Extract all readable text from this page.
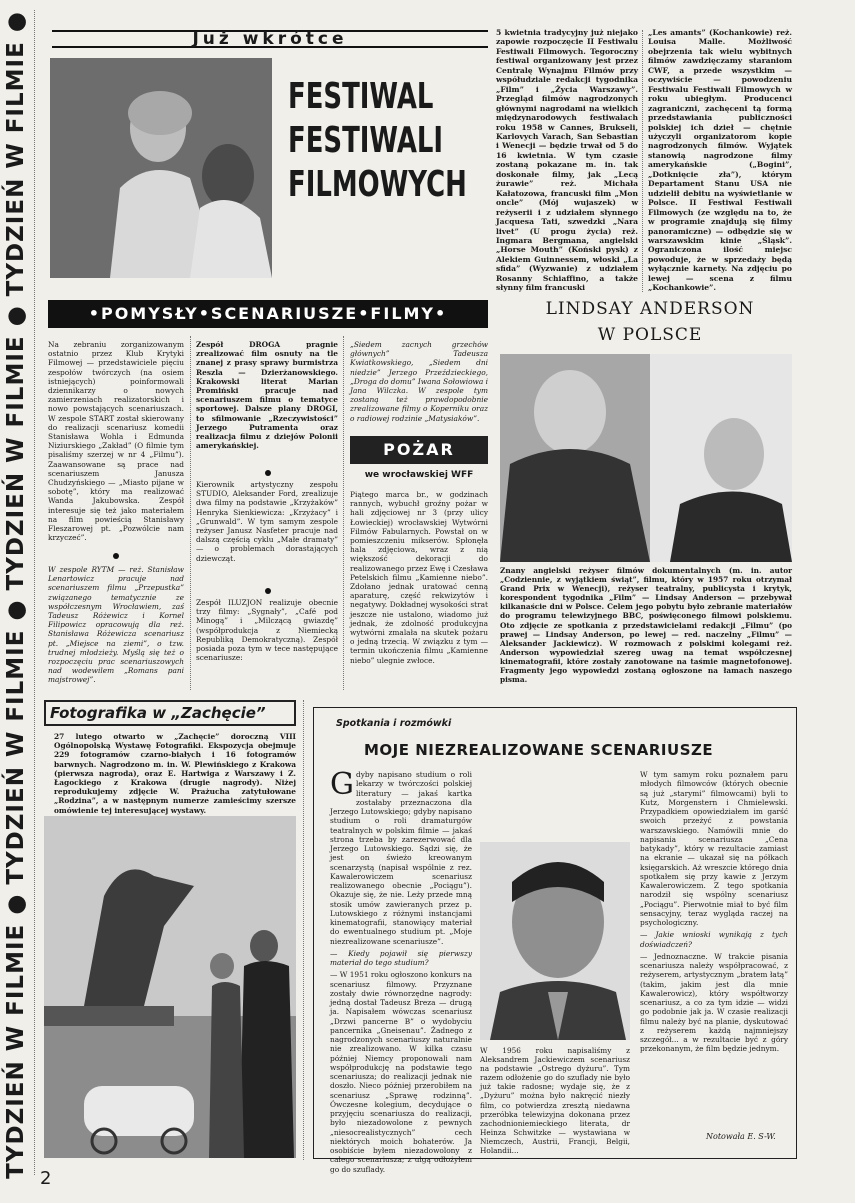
TYDZIEŃ W FILMIE ● TYDZIEŃ W FILMIE ● TYDZIEŃ W FILMIE ● TYDZIEŃ W FILMIE ●	Już wkrótce
FESTIWAL
FESTIWALI
FILMOWYCH
5 kwietnia tradycyjny już niejako zapowie rozpoczęcie II Festiwalu Festiwali Filmowych. Tegoroczny festiwal organizowany jest przez Centralę Wynajmu Filmów przy współudziale redakcji tygodnika „Film” i „Życia Warszawy”. Przegląd filmów nagrodzonych głównymi nagrodami na wielkich międzynarodowych festiwalach roku 1958 w Cannes, Brukseli, Karlovych Varach, San Sebastian i Wenecji — będzie trwał od 5 do 16 kwietnia. W tym czasie zostaną pokazane m. in. tak doskonałe filmy, jak „Lecą żurawie” reż. Michała Kałatozowa, francuski film „Mon oncle” (Mój wujaszek) w reżyserii i z udziałem słynnego Jacquesa Tati, szwedzki „Nara livet” (U progu życia) reż. Ingmara Bergmana, angielski „Horse Mouth” (Koński pysk) z Alekiem Guinnessem, włoski „La sfida” (Wyzwanie) z udziałem Rosanny Schiaffino, a także słynny film francuski
„Les amants” (Kochankowie) reż. Louisa Malle. Możliwość obejrzenia tak wielu wybitnych filmów zawdzięczamy staraniom CWF, a przede wszystkim — oczywiście — powodzeniu Festiwalu Festiwali Filmowych w roku ubiegłym. Producenci zagraniczni, zachęceni tą formą przedstawiania publiczności polskiej ich dzieł — chętnie użyczyli organizatorom kopie nagrodzonych filmów. Wyjątek stanowią nagrodzone filmy amerykańskie („Bogini”, „Dotknięcie zła”), którym Departament Stanu USA nie udzielił debitu na wyświetlanie w Polsce. II Festiwal Festiwali Filmowych (ze względu na to, że w programie znajdują się filmy panoramiczne) — odbędzie się w warszawskim kinie „Śląsk”. Ograniczona ilość miejsc powoduje, że w sprzedaży będą wyłącznie karnety. Na zdjęciu po lewej — scena z filmu „Kochankowie”.
•POMYSŁY•SCENARIUSZE•FILMY•
Na zebraniu zorganizowanym ostatnio przez Klub Krytyki Filmowej — przedstawiciele pięciu zespołów twórczych (na osiem istniejących) poinformowali dziennikarzy o nowych zamierzeniach realizatorskich i nowo powstających scenariuszach. W zespole START został skierowany do realizacji scenariusz komedii Stanisława Wohla i Edmunda Niziurskiego „Zakład” (O filmie tym pisaliśmy szerzej w nr 4 „Filmu”). Zaawansowane są prace nad scenariuszem Janusza Chudzyńskiego — „Miasto pijane w sobotę”, który ma realizować Wanda Jakubowska. Zespół interesuje się też jako materiałem na film powieścią Stanisławy Fleszarowej pt. „Pozwólcie nam krzyczeć”.
W zespole RYTM — reż. Stanisław Lenartowicz pracuje nad scenariuszem filmu „Przepustka” związanego tematycznie ze współczesnym Wrocławiem, zaś Tadeusz Różewicz i Kornel Filipowicz opracowują dla reż. Stanisława Różewicza scenariusz pt. „Miejsce na ziemi”, o tzw. trudnej młodzieży. Myślą się też o rozpoczęciu prac scenariuszowych nad wodewilem „Romans pani majstrowej”.
Zespół DROGA pragnie zrealizować film osnuty na tle znanej z prasy sprawy burmistrza Reszla — Dzierżanowskiego. Krakowski literat Marian Promiński pracuje nad scenariuszem filmu o tematyce sportowej. Dalsze plany DROGI, to sfilmowanie „Rzeczywistości” Jerzego Putramenta oraz realizacja filmu z dziejów Polonii amerykańskiej.
Kierownik artystyczny zespołu STUDIO, Aleksander Ford, zrealizuje dwa filmy na podstawie „Krzyżaków” Henryka Sienkiewicza: „Krzyżacy” i „Grunwald”. W tym samym zespole reżyser Janusz Nasfeter pracuje nad dalszą częścią cyklu „Małe dramaty” — o problemach dorastających dziewcząt.
Zespół ILUZJON realizuje obecnie trzy filmy: „Sygnały”, „Café pod Minogą” i „Milczącą gwiazdę” (współprodukcja z Niemiecką Republiką Demokratyczną). Zespół posiada poza tym w tece następujące scenariusze:
„Siedem zacnych grzechów głównych” Tadeusza Kwiatkowskiego, „Siedem dni niedzie” Jerzego Przeździeckiego, „Droga do domu” Iwana Sołowiowa i Jana Wilczka. W zespole tym zostaną też prawdopodobnie zrealizowane filmy o Koperniku oraz o radiowej rodzinie „Matysiaków”.
POŻAR
we wrocławskiej WFF
Piątego marca br., w godzinach rannych, wybuchł groźny pożar w hali zdjęciowej nr 3 (przy ulicy Łowieckiej) wrocławskiej Wytwórni Filmów Fabularnych. Powstał on w pomieszczeniu mikserów. Spłonęła hala zdjęciowa, wraz z nią większość dekoracji do realizowanego przez Ewę i Czesława Petelskich filmu „Kamienne niebo”. Zdołano jednak uratować cenną aparaturę, część rekwizytów i negatywy. Dokładnej wysokości strat jeszcze nie ustalono, wiadomo już jednak, że zdolność produkcyjna wytwórni zmalała na skutek pożaru o jedną trzecią. W związku z tym — termin ukończenia filmu „Kamienne niebo” ulegnie zwłoce.
LINDSAY ANDERSON
W POLSCE
Znany angielski reżyser filmów dokumentalnych (m. in. autor „Codziennie, z wyjątkiem świąt”, filmu, który w 1957 roku otrzymał Grand Prix w Wenecji), reżyser teatralny, publicysta i krytyk, korespondent tygodnika „Film” — Lindsay Anderson — przebywał kilkanaście dni w Polsce. Celem jego pobytu było zebranie materiałów do programu telewizyjnego BBC, poświęconego filmowi polskiemu. Oto zdjęcie ze spotkania z przedstawicielami redakcji „Filmu” (po prawej — Lindsay Anderson, po lewej — red. naczelny „Filmu” — Aleksander Jackiewicz). W rozmowach z polskimi kolegami reż. Anderson wypowiedział szereg uwag na temat współczesnej kinematografii, które zostały zanotowane na taśmie magnetofonowej. Fragmenty jego wypowiedzi zostaną ogłoszone na łamach naszego pisma.
Fotografika w „Zachęcie”
27 lutego otwarto w „Zachęcie” doroczną VIII Ogólnopolską Wystawę Fotografiki. Ekspozycja obejmuje 229 fotogramów czarno-białych i 16 fotogramów barwnych. Nagrodzono m. in. W. Plewińskiego z Krakowa (pierwsza nagroda), oraz E. Hartwiga z Warszawy i Z. Łagockiego z Krakowa (drugie nagrody). Niżej reprodukujemy zdjęcie W. Prażucha zatytułowane „Rodzina”, a w następnym numerze zamieścimy szersze omówienie tej interesującej wystawy.
Spotkania i rozmówki
MOJE NIEZREALIZOWANE SCENARIUSZE
Gdyby napisano studium o roli lekarzy w twórczości polskiej literatury — jakaś kartka zostałaby przeznaczona dla Jerzego Lutowskiego; gdyby napisano studium o roli dramaturgów teatralnych w polskim filmie — jakaś strona trzeba by zarezerwować dla Jerzego Lutowskiego. Sądzi się, że jest on świeżo kreowanym scenarzystą (napisał wspólnie z rez. Kawalerowiczem scenariusz realizowanego obecnie „Pociągu”). Okazuje się, że nie. Leży przede mną stosik umów zawieranych przez p. Lutowskiego z różnymi instancjami kinematografii, stanowiący materiał do ewentualnego studium pt. „Moje niezrealizowane scenariusze”.
— Kiedy pojawił się pierwszy materiał do tego studium?
— W 1951 roku ogłoszono konkurs na scenariusz filmowy. Przyznane zostały dwie równorzędne nagrody: jedną dostał Tadeusz Breza — drugą ja. Napisałem wówczas scenariusz „Drzwi pancerne B” o wydobyciu pancernika „Gneisenau”. Żadnego z nagrodzonych scenariuszy naturalnie nie zrealizowano. W kilka czasu później Niemcy proponowali nam współprodukcję na podstawie tego scenariusza; do realizacji jednak nie doszło. Nieco później przerobiłem na scenariusz „Sprawę rodzinną”. Ówczesne kolegium, decydujące o przyjęciu scenariusza do realizacji, było niezadowolone z pewnych „niesocrealistycznych” cech niektórych moich bohaterów. Ja osobiście byłem niezadowolony z całego scenariusza; z ulgą odłożyłem go do szuflady.
W 1956 roku napisaliśmy z Aleksandrem Jackiewiczem scenariusz na podstawie „Ostrego dyżuru”. Tym razem odłożenie go do szuflady nie było już takie radosne; wydaje się, że z „Dyżuru” można było nakręcić niezły film, co potwierdza zresztą niedawna przeróbka telewizyjna dokonana przez zachodnioniemieckiego literata, dr Heinza Schwitzke — wystawiana w Niemczech, Austrii, Francji, Belgii, Holandii...
W tym samym roku poznałem paru młodych filmowców (których obecnie są już „starymi” filmowcami) byli to Kutz, Morgenstern i Chmielewski. Przypadkiem opowiedziałem im garść swoich przeżyć z powstania warszawskiego. Namówili mnie do napisania scenariusza „Cena batykady”, który w rezultacie zamiast na ekranie — ukazał się na półkach księgarskich. Aż wreszcie którego dnia spotkałem się przy kawie z Jerzym Kawalerowiczem. Z tego spotkania narodził się wspólny scenariusz „Pociągu”. Pierwotnie miał to być film sensacyjny, teraz wygląda raczej na psychologiczny.
— Jakie wnioski wynikają z tych doświadczeń?
— Jednoznaczne. W trakcie pisania scenariusza należy współpracować, z reżyserem, artystycznym „bratem łatą” (takim, jakim jest dla mnie Kawalerowicz), który współtworzy scenariusz, a co za tym idzie — widzi go podobnie jak ja. W czasie realizacji filmu należy być na planie, dyskutować z reżyserem każdą najmniejszy szczegół... a w rezultacie być z góry przekonanym, że film będzie jednym.
Notowała E. S-W.
2
